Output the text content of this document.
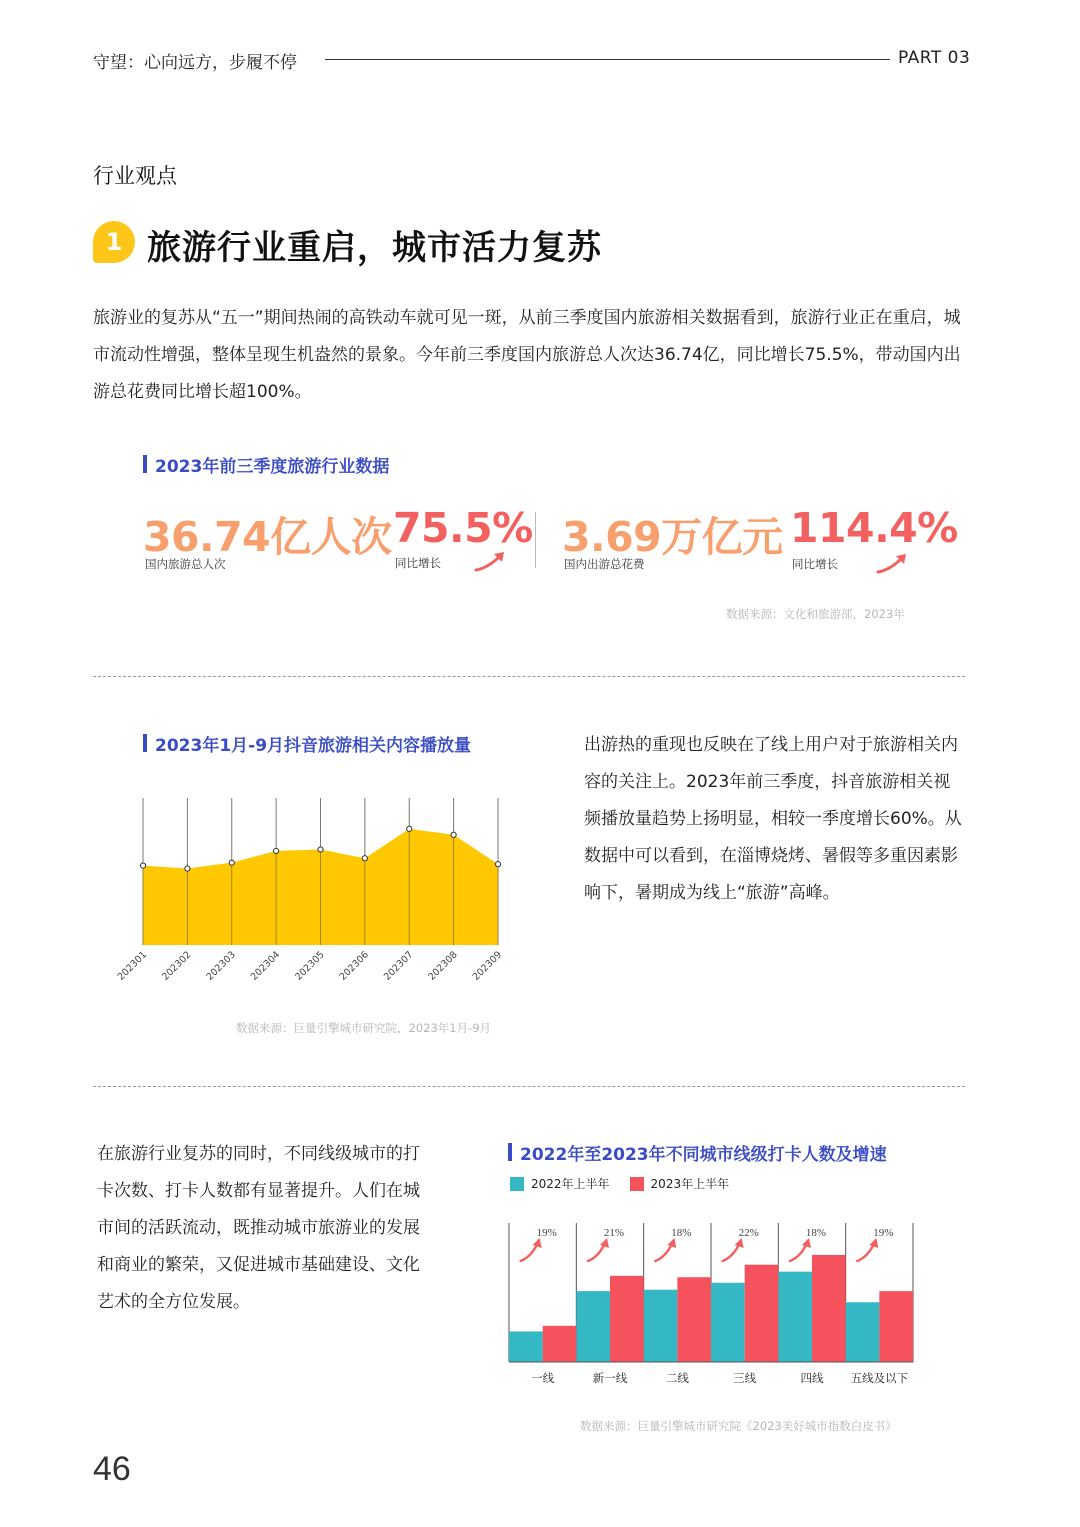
守望：心向远方，步履不停	PART 03
行业观点
1 旅游行业重启，城市活力复苏
旅游业的复苏从“五一”期间热闹的高铁动车就可见一斑，从前三季度国内旅游相关数据看到，旅游行业正在重启，城市流动性增强，整体呈现生机盎然的景象。今年前三季度国内旅游总人次达36.74亿，同比增长75.5%，带动国内出游总花费同比增长超100%。
2023年前三季度旅游行业数据
36.74亿人次
国内旅游总人次
75.5%
同比增长
3.69万亿元
国内出游总花费
114.4%
同比增长
数据来源：文化和旅游部，2023年
2023年1月-9月抖音旅游相关内容播放量
202301 202302 202303 202304 202305 202306 202307 202308 202309
数据来源：巨量引擎城市研究院，2023年1月-9月
出游热的重现也反映在了线上用户对于旅游相关内容的关注上。2023年前三季度，抖音旅游相关视频播放量趋势上扬明显，相较一季度增长60%。从数据中可以看到，在淄博烧烤、暑假等多重因素影响下，暑期成为线上“旅游”高峰。
在旅游行业复苏的同时，不同线级城市的打卡次数、打卡人数都有显著提升。人们在城市间的活跃流动，既推动城市旅游业的发展和商业的繁荣，又促进城市基础建设、文化艺术的全方位发展。
2022年至2023年不同城市线级打卡人数及增速
2022年上半年	2023年上半年
一线
19%
新一线
21%
二线
18%
三线
22%
四线
18%
五线及以下
19%
数据来源：巨量引擎城市研究院《2023美好城市指数白皮书》
46
